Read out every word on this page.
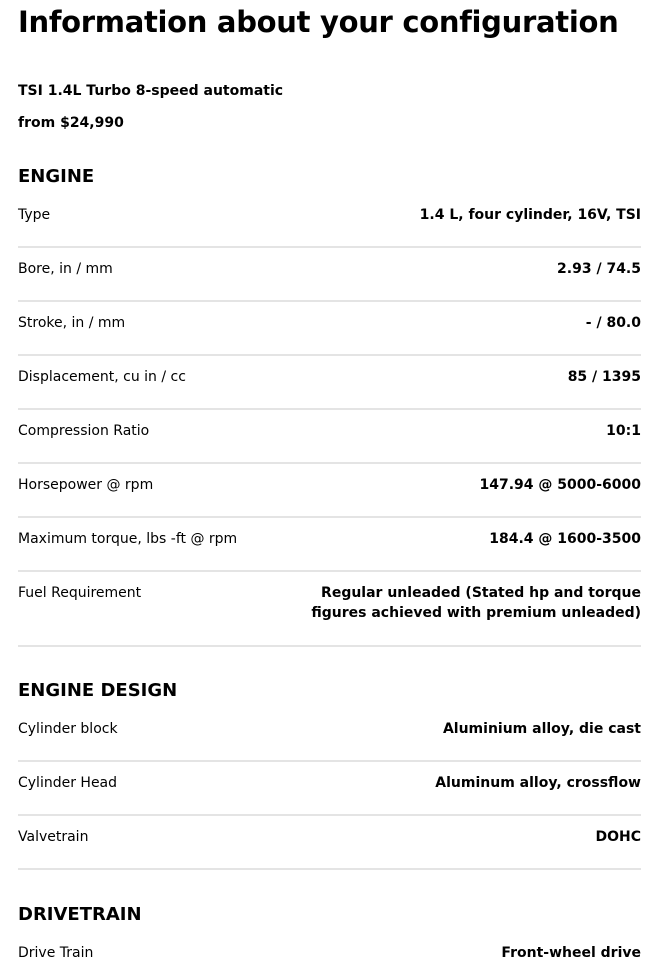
Information about your configuration
TSI 1.4L Turbo 8-speed automatic
from $24,990
ENGINE
Type	1.4 L, four cylinder, 16V, TSI
Bore, in / mm	2.93 / 74.5
Stroke, in / mm	- / 80.0
Displacement, cu in / cc	85 / 1395
Compression Ratio	10:1
Horsepower @ rpm	147.94 @ 5000-6000
Maximum torque, lbs -ft @ rpm	184.4 @ 1600-3500
Fuel Requirement	Regular unleaded (Stated hp and torque figures achieved with premium unleaded)
ENGINE DESIGN
Cylinder block	Aluminium alloy, die cast
Cylinder Head	Aluminum alloy, crossflow
Valvetrain	DOHC
DRIVETRAIN
Drive Train	Front-wheel drive
